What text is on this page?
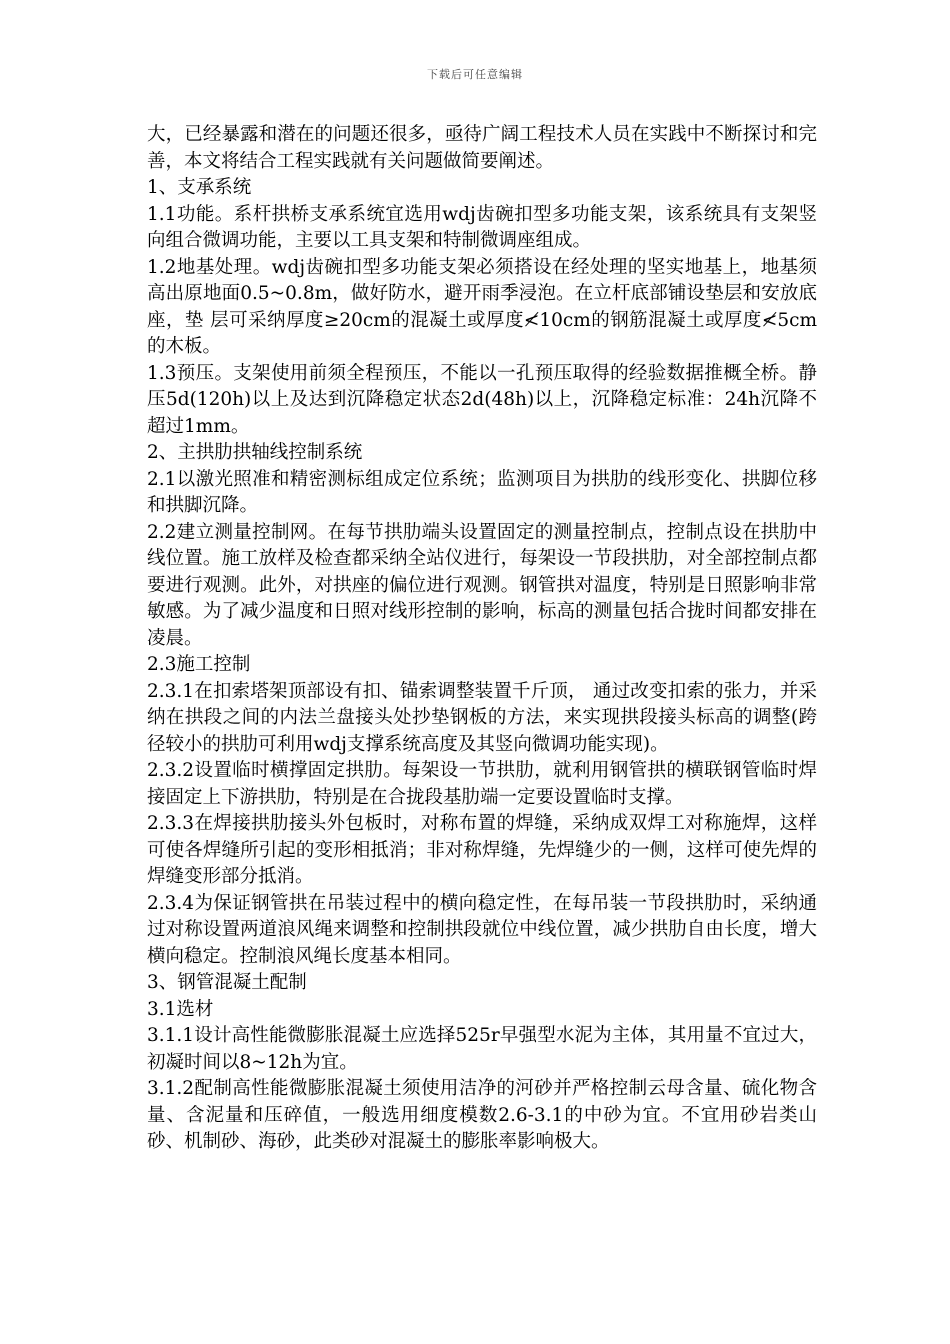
下载后可任意编辑

大，已经暴露和潜在的问题还很多，亟待广阔工程技术人员在实践中不断探讨和完善，本文将结合工程实践就有关问题做简要阐述。

1、支承系统

1.1功能。系杆拱桥支承系统宜选用wdj齿碗扣型多功能支架，该系统具有支架竖向组合微调功能，主要以工具支架和特制微调座组成。

1.2地基处理。wdj齿碗扣型多功能支架必须搭设在经处理的坚实地基上，地基须高出原地面0.5~0.8m，做好防水，避开雨季浸泡。在立杆底部铺设垫层和安放底座，垫 层可采纳厚度≥20cm的混凝土或厚度≮10cm的钢筋混凝土或厚度≮5cm的木板。

1.3预压。支架使用前须全程预压，不能以一孔预压取得的经验数据推概全桥。静压5d(120h)以上及达到沉降稳定状态2d(48h)以上，沉降稳定标准：24h沉降不超过1mm。

2、主拱肋拱轴线控制系统

2.1以激光照准和精密测标组成定位系统；监测项目为拱肋的线形变化、拱脚位移和拱脚沉降。

2.2建立测量控制网。在每节拱肋端头设置固定的测量控制点，控制点设在拱肋中线位置。施工放样及检查都采纳全站仪进行，每架设一节段拱肋，对全部控制点都要进行观测。此外，对拱座的偏位进行观测。钢管拱对温度，特别是日照影响非常敏感。为了减少温度和日照对线形控制的影响，标高的测量包括合拢时间都安排在凌晨。

2.3施工控制

2.3.1在扣索塔架顶部设有扣、锚索调整装置千斤顶， 通过改变扣索的张力，并采纳在拱段之间的内法兰盘接头处抄垫钢板的方法，来实现拱段接头标高的调整(跨径较小的拱肋可利用wdj支撑系统高度及其竖向微调功能实现)。

2.3.2设置临时横撑固定拱肋。每架设一节拱肋，就利用钢管拱的横联钢管临时焊接固定上下游拱肋，特别是在合拢段基肋端一定要设置临时支撑。

2.3.3在焊接拱肋接头外包板时，对称布置的焊缝，采纳成双焊工对称施焊，这样可使各焊缝所引起的变形相抵消；非对称焊缝，先焊缝少的一侧，这样可使先焊的焊缝变形部分抵消。

2.3.4为保证钢管拱在吊装过程中的横向稳定性，在每吊装一节段拱肋时，采纳通过对称设置两道浪风绳来调整和控制拱段就位中线位置，减少拱肋自由长度，增大横向稳定。控制浪风绳长度基本相同。

3、钢管混凝土配制

3.1选材

3.1.1设计高性能微膨胀混凝土应选择525r早强型水泥为主体，其用量不宜过大，初凝时间以8~12h为宜。

3.1.2配制高性能微膨胀混凝土须使用洁净的河砂并严格控制云母含量、硫化物含量、含泥量和压碎值，一般选用细度模数2.6-3.1的中砂为宜。不宜用砂岩类山砂、机制砂、海砂，此类砂对混凝土的膨胀率影响极大。
